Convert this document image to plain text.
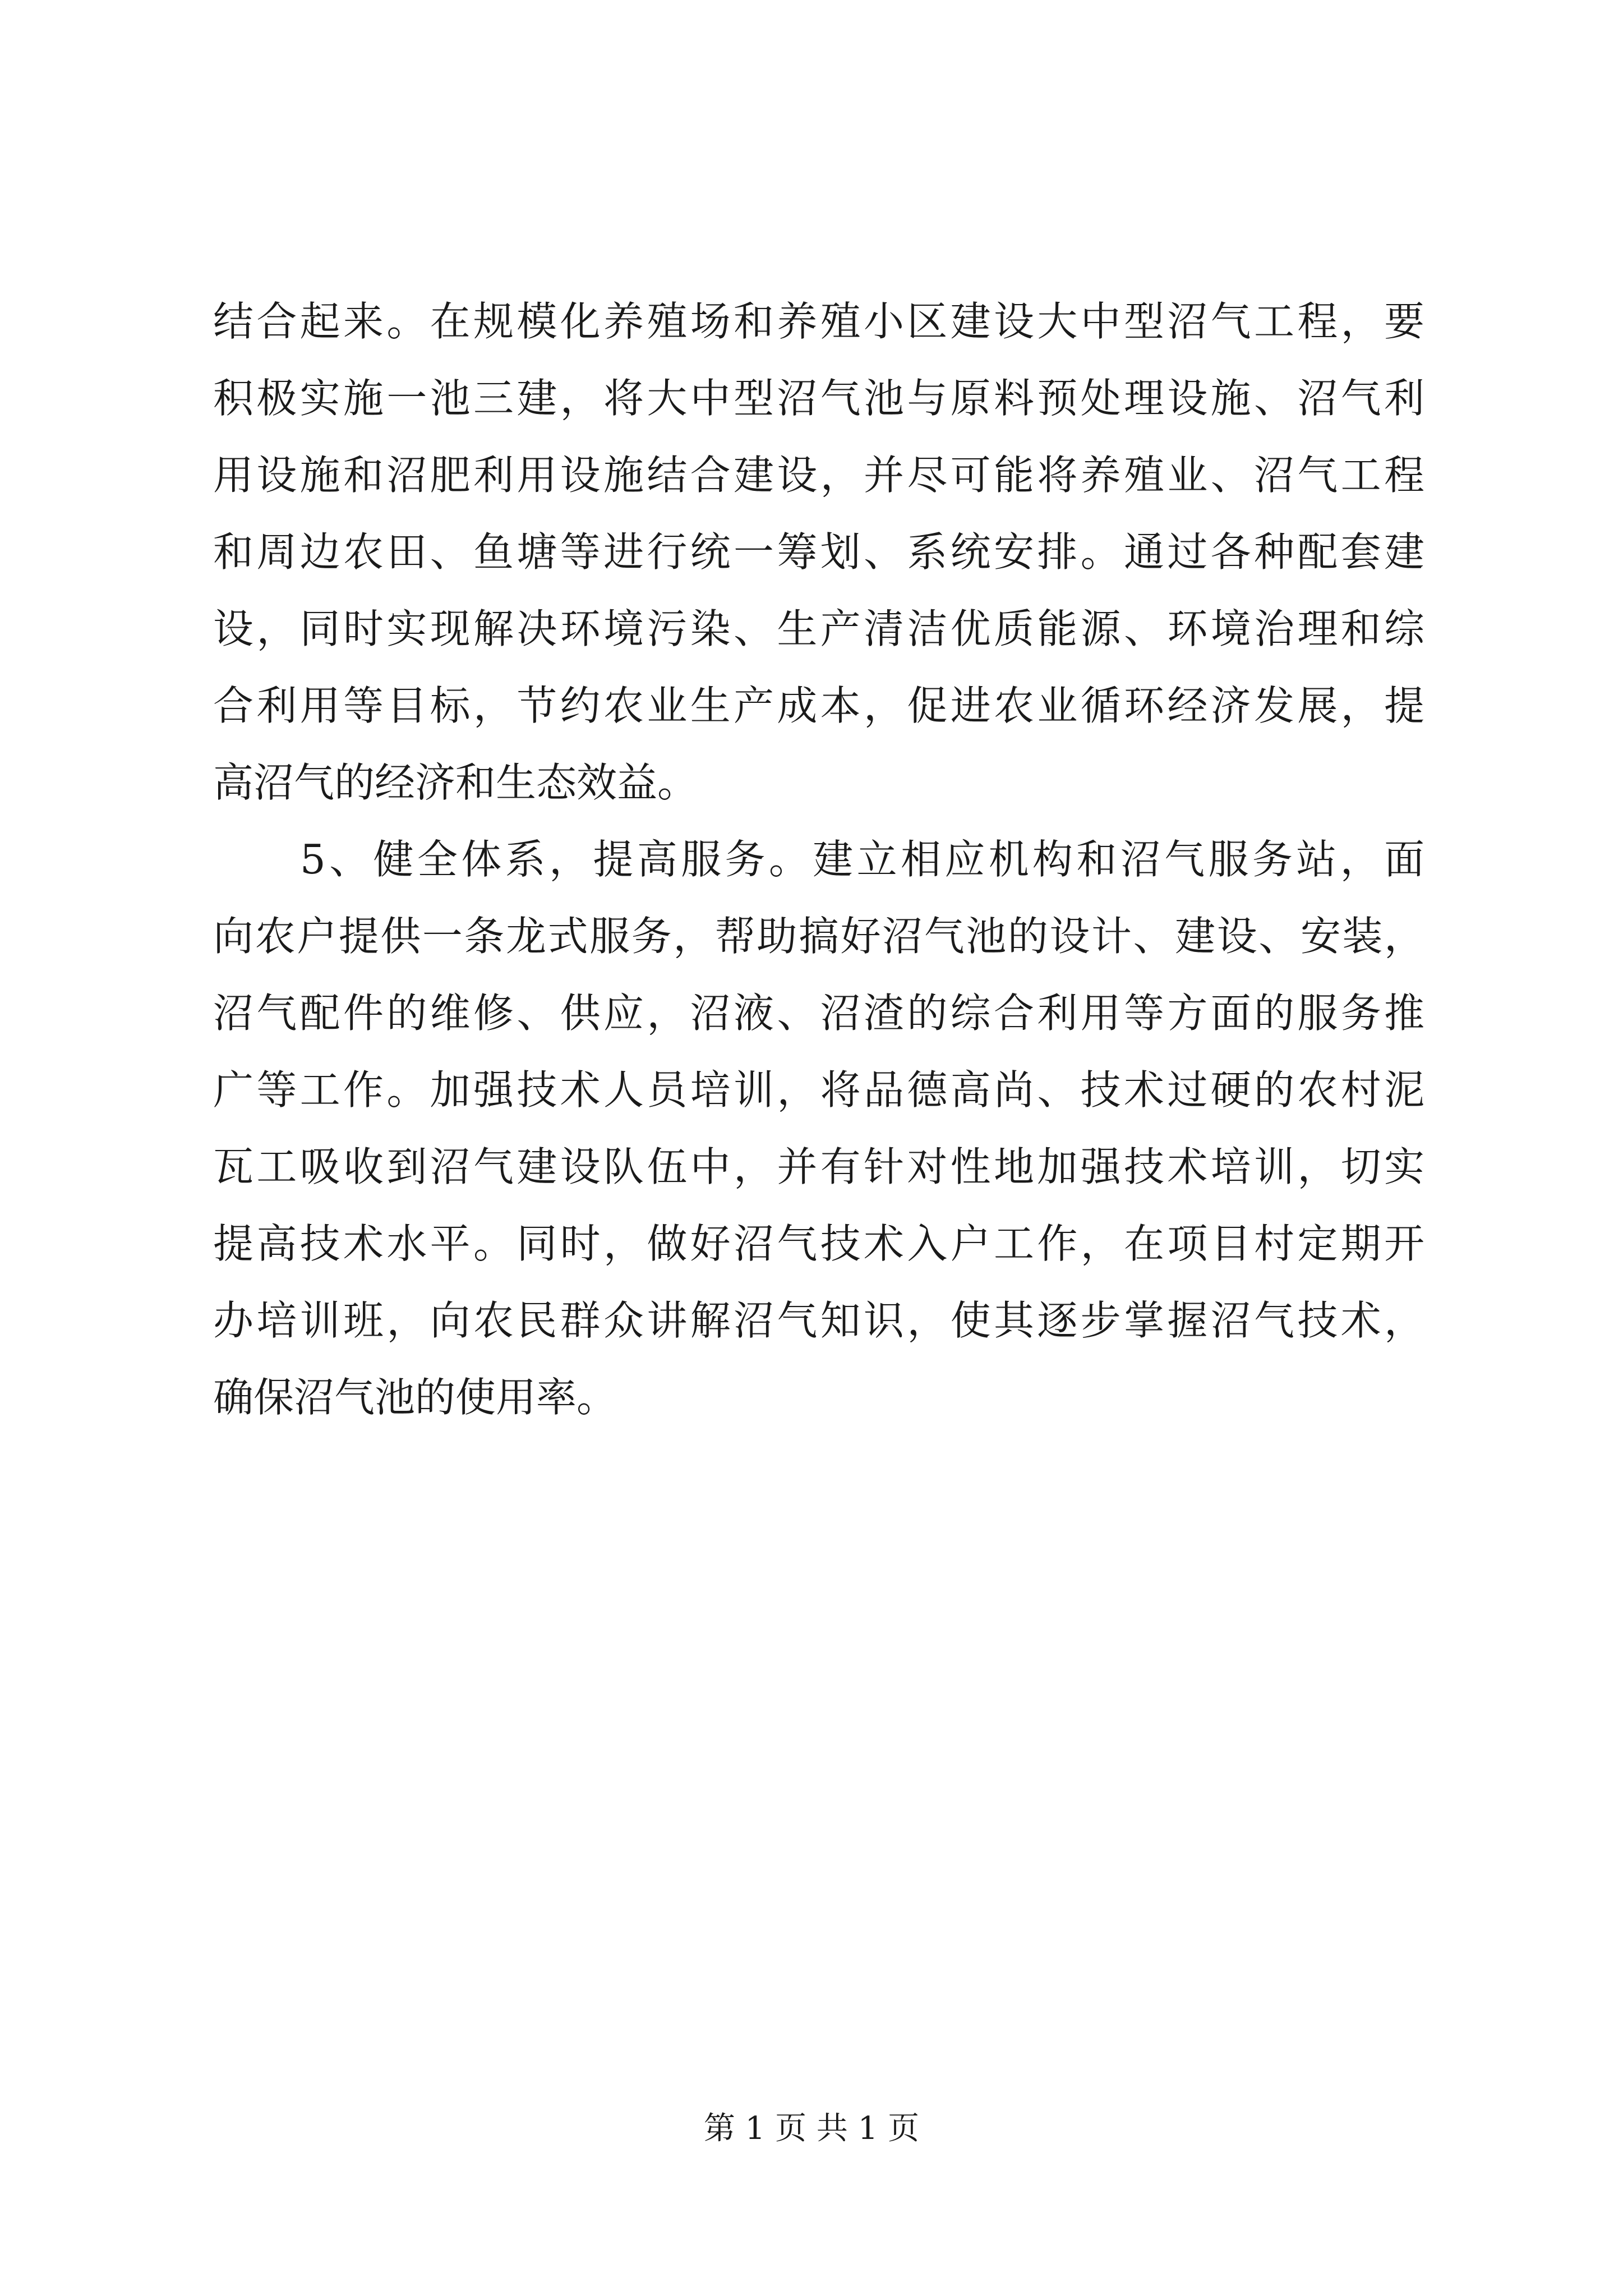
结合起来。在规模化养殖场和养殖小区建设大中型沼气工程，要
积极实施一池三建，将大中型沼气池与原料预处理设施、沼气利
用设施和沼肥利用设施结合建设，并尽可能将养殖业、沼气工程
和周边农田、鱼塘等进行统一筹划、系统安排。通过各种配套建
设，同时实现解决环境污染、生产清洁优质能源、环境治理和综
合利用等目标，节约农业生产成本，促进农业循环经济发展，提
高沼气的经济和生态效益。
5、健全体系，提高服务。建立相应机构和沼气服务站，面
向农户提供一条龙式服务，帮助搞好沼气池的设计、建设、安装，
沼气配件的维修、供应，沼液、沼渣的综合利用等方面的服务推
广等工作。加强技术人员培训，将品德高尚、技术过硬的农村泥
瓦工吸收到沼气建设队伍中，并有针对性地加强技术培训，切实
提高技术水平。同时，做好沼气技术入户工作，在项目村定期开
办培训班，向农民群众讲解沼气知识，使其逐步掌握沼气技术，
确保沼气池的使用率。
第 1 页 共 1 页
